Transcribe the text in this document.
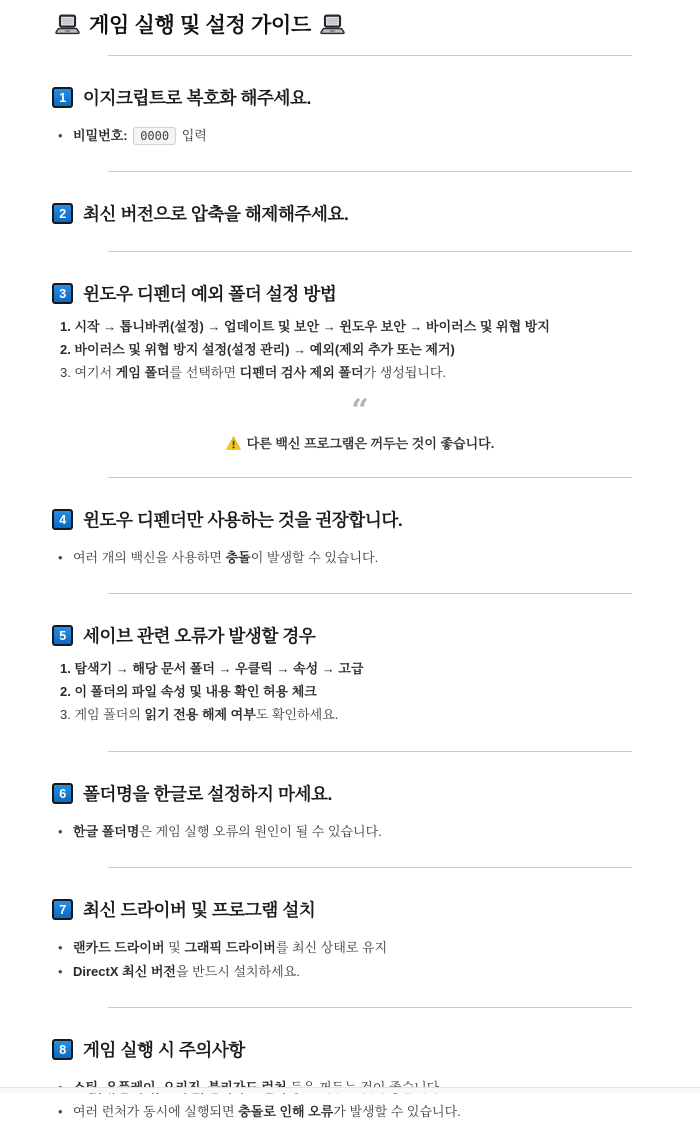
게임 실행 및 설정 가이드
1 이지크립트로 복호화 해주세요.
• 비밀번호: 0000 입력
2 최신 버전으로 압축을 해제해주세요.
3 윈도우 디펜더 예외 폴더 설정 방법
1. 시작 → 톱니바퀴(설정) → 업데이트 및 보안 → 윈도우 보안 → 바이러스 및 위협 방지
2. 바이러스 및 위협 방지 설정(설정 관리) → 예외(제외 추가 또는 제거)
3. 여기서 게임 폴더를 선택하면 디펜더 검사 제외 폴더가 생성됩니다.
“
다른 백신 프로그램은 꺼두는 것이 좋습니다.
4 윈도우 디펜더만 사용하는 것을 권장합니다.
• 여러 개의 백신을 사용하면 충돌이 발생할 수 있습니다.
5 세이브 관련 오류가 발생할 경우
1. 탐색기 → 해당 문서 폴더 → 우클릭 → 속성 → 고급
2. 이 폴더의 파일 속성 및 내용 확인 허용 체크
3. 게임 폴더의 읽기 전용 해제 여부도 확인하세요.
6 폴더명을 한글로 설정하지 마세요.
• 한글 폴더명은 게임 실행 오류의 원인이 될 수 있습니다.
7 최신 드라이버 및 프로그램 설치
• 랜카드 드라이버 및 그래픽 드라이버를 최신 상태로 유지
• DirectX 최신 버전을 반드시 설치하세요.
8 게임 실행 시 주의사항
•
• 여러 런처가 동시에 실행되면 충돌로 인해 오류가 발생할 수 있습니다.
